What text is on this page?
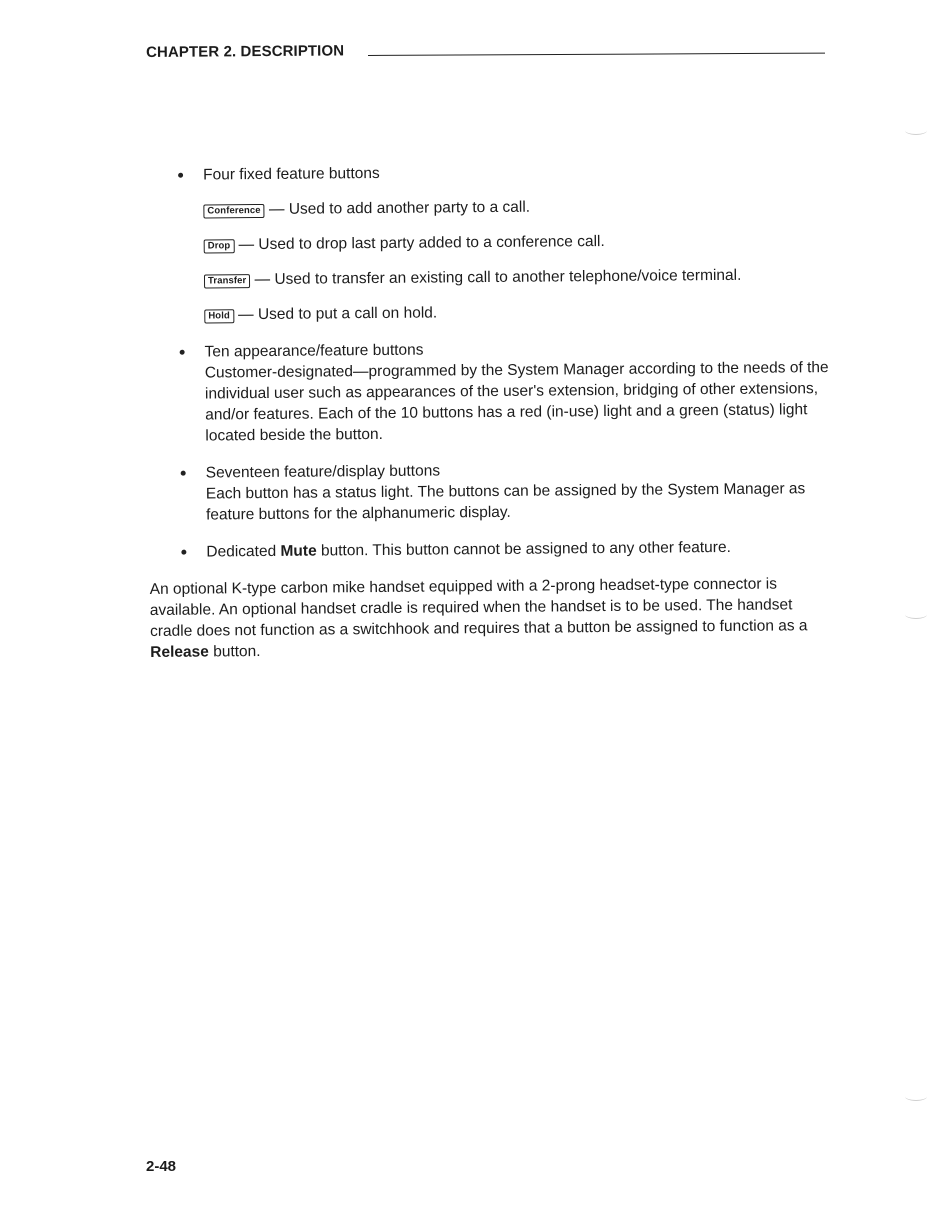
CHAPTER 2. DESCRIPTION

Four fixed feature buttons

Conference — Used to add another party to a call.

Drop — Used to drop last party added to a conference call.

Transfer — Used to transfer an existing call to another telephone/voice terminal.

Hold — Used to put a call on hold.

Ten appearance/feature buttons

Customer-designated—programmed by the System Manager according to the needs of the individual user such as appearances of the user's extension, bridging of other extensions, and/or features. Each of the 10 buttons has a red (in-use) light and a green (status) light located beside the button.

Seventeen feature/display buttons

Each button has a status light. The buttons can be assigned by the System Manager as feature buttons for the alphanumeric display.

Dedicated Mute button. This button cannot be assigned to any other feature.

An optional K-type carbon mike handset equipped with a 2-prong headset-type connector is available. An optional handset cradle is required when the handset is to be used. The handset cradle does not function as a switchhook and requires that a button be assigned to function as a Release button.

2-48
